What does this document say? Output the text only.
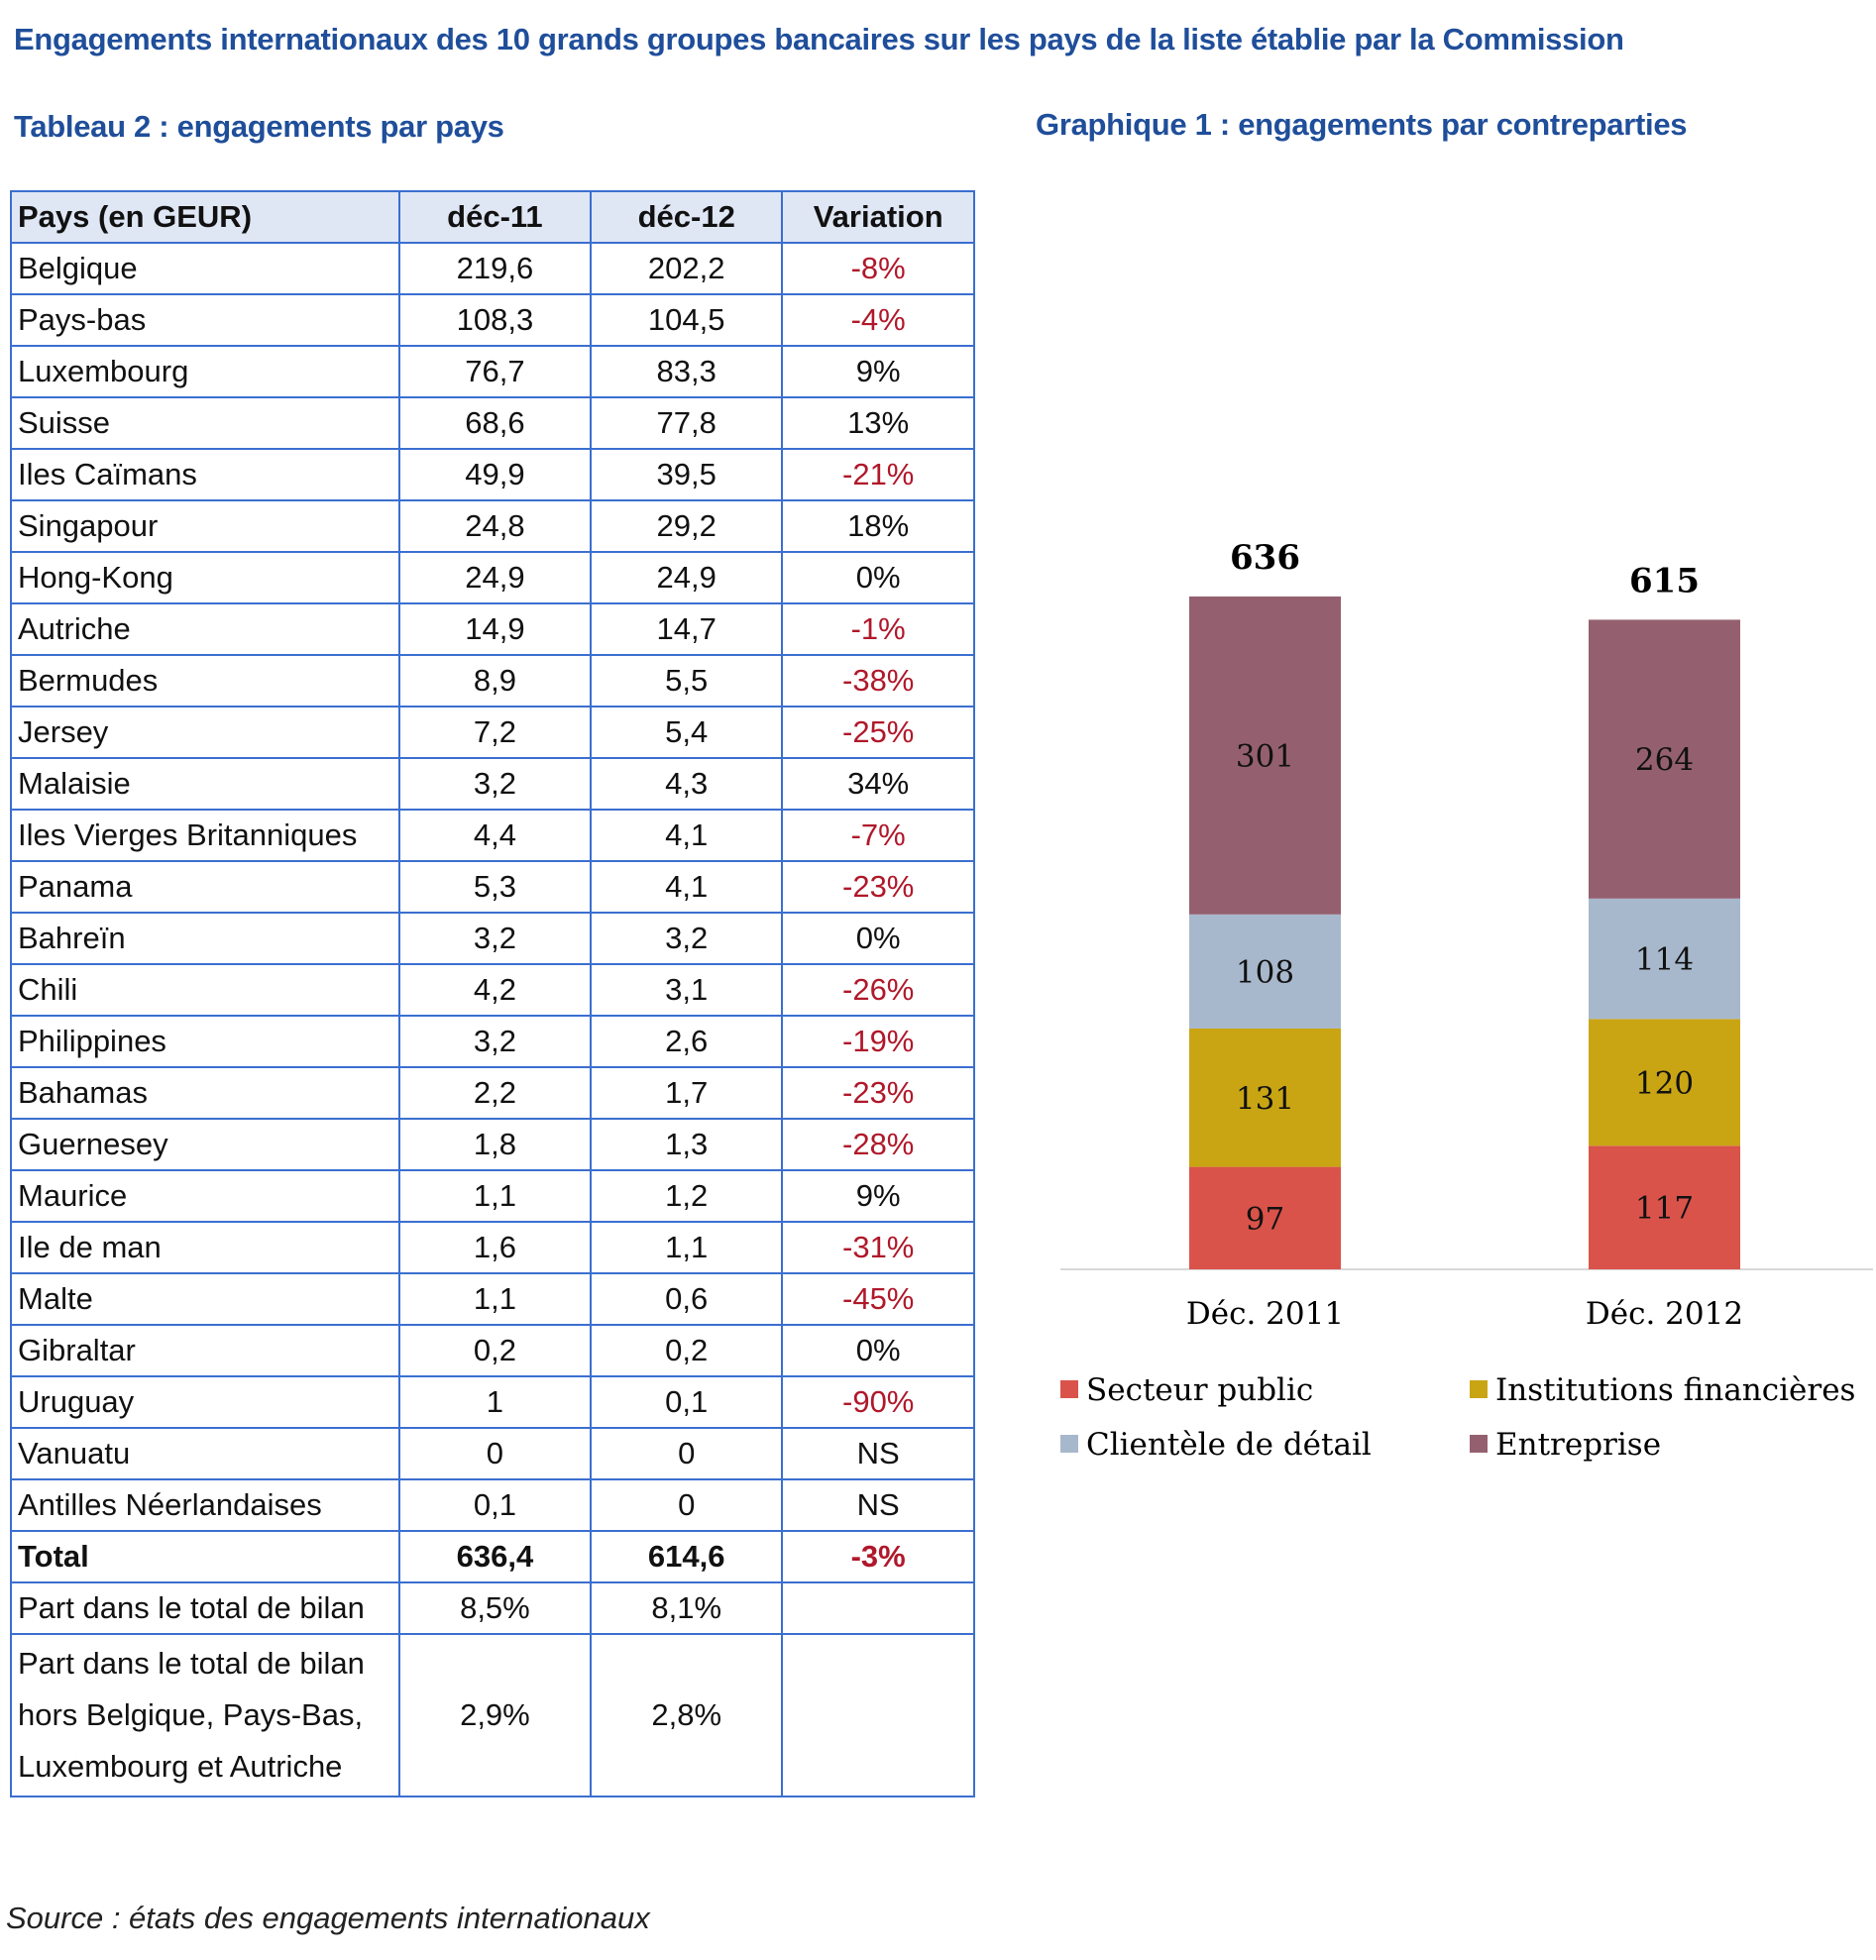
Engagements internationaux des 10 grands groupes bancaires sur les pays de la liste établie par la Commission
Tableau 2 : engagements par pays	Graphique 1 : engagements par contreparties
Pays (en GEUR)	déc-11	déc-12	Variation
Belgique	219,6	202,2	-8%
Pays-bas	108,3	104,5	-4%
Luxembourg	76,7	83,3	9%
Suisse	68,6	77,8	13%
Iles Caïmans	49,9	39,5	-21%
Singapour	24,8	29,2	18%
Hong-Kong	24,9	24,9	0%
Autriche	14,9	14,7	-1%
Bermudes	8,9	5,5	-38%
Jersey	7,2	5,4	-25%
Malaisie	3,2	4,3	34%
Iles Vierges Britanniques	4,4	4,1	-7%
Panama	5,3	4,1	-23%
Bahreïn	3,2	3,2	0%
Chili	4,2	3,1	-26%
Philippines	3,2	2,6	-19%
Bahamas	2,2	1,7	-23%
Guernesey	1,8	1,3	-28%
Maurice	1,1	1,2	9%
Ile de man	1,6	1,1	-31%
Malte	1,1	0,6	-45%
Gibraltar	0,2	0,2	0%
Uruguay	1	0,1	-90%
Vanuatu	0	0	NS
Antilles Néerlandaises	0,1	0	NS
Total	636,4	614,6	-3%
Part dans le total de bilan	8,5%	8,1%	
Part dans le total de bilan hors Belgique, Pays-Bas, Luxembourg et Autriche	2,9%	2,8%	
97
131
108
301
636
Déc. 2011
117
120
114
264
615
Déc. 2012
Secteur public	Institutions financières
Clientèle de détail	Entreprise
Source : états des engagements internationaux
